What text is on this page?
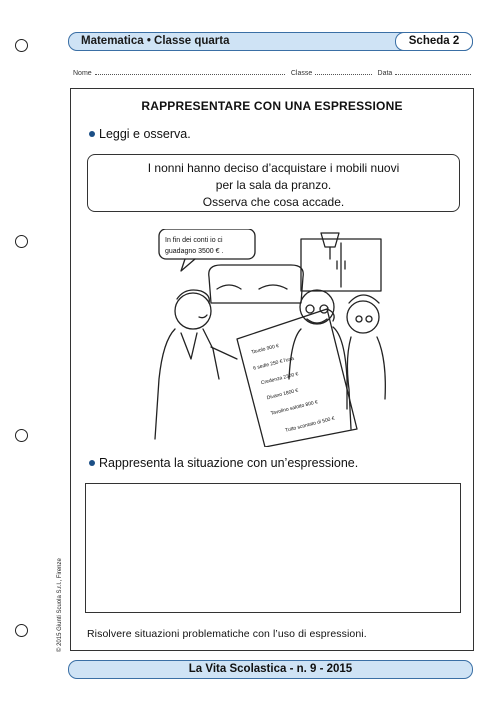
Matematica • Classe quarta	Scheda 2
Nome	Classe	Data
RAPPRESENTARE CON UNA ESPRESSIONE
Leggi e osserva.
I nonni hanno deciso d’acquistare i mobili nuovi
per la sala da pranzo.
Osserva che cosa accade.
In fin dei conti io ci
guadagno 3500 € .
Tavolo 900 €
6 sedie 250 € l'una
Credenza 2300 €
Divano 1800 €
Tavolino salotto 800 €
Tutto scontato di 500 €
Rappresenta la situazione con un’espressione.
Risolvere situazioni problematiche con l’uso di espressioni.
© 2015 Giunti Scuola S.r.l., Firenze
La Vita Scolastica - n. 9 - 2015
